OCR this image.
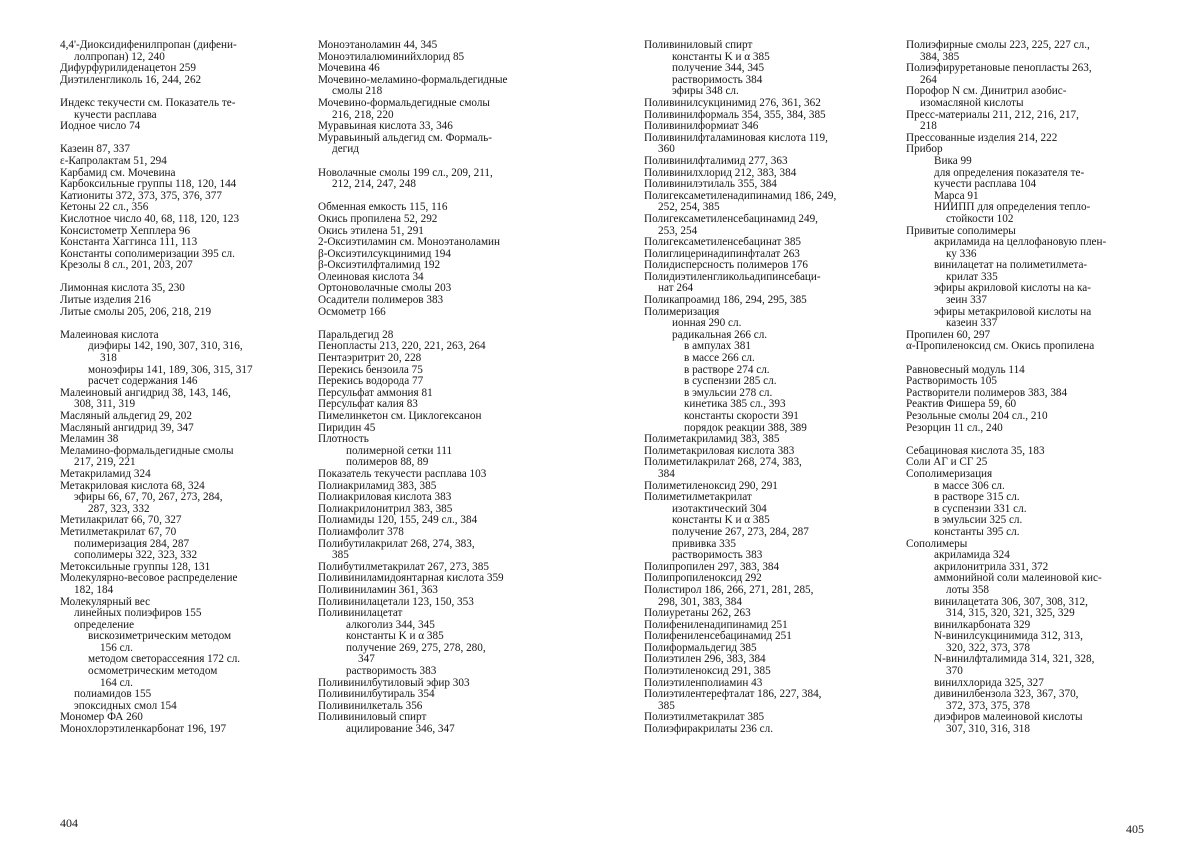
4,4'-Диоксидифенилпропан (дифени-

лолпропан) 12, 240

Дифурфурилиденацетон 259

Диэтиленгликоль 16, 244, 262

Индекс текучести см. Показатель те-

кучести расплава

Иодное число 74

Казеин 87, 337

ε-Капролактам 51, 294

Карбамид см. Мочевина

Карбоксильные группы 118, 120, 144

Катиониты 372, 373, 375, 376, 377

Кетоны 22 сл., 356

Кислотное число 40, 68, 118, 120, 123

Консистометр Хепплера 96

Константа Хаггинса 111, 113

Константы сополимеризации 395 сл.

Крезолы 8 сл., 201, 203, 207

Лимонная кислота 35, 230

Литые изделия 216

Литые смолы 205, 206, 218, 219

Малеиновая кислота

диэфиры 142, 190, 307, 310, 316,

318

моноэфиры 141, 189, 306, 315, 317

расчет содержания 146

Малеиновый ангидрид 38, 143, 146,

308, 311, 319

Масляный альдегид 29, 202

Масляный ангидрид 39, 347

Меламин 38

Меламино-формальдегидные смолы

217, 219, 221

Метакриламид 324

Метакриловая кислота 68, 324

эфиры 66, 67, 70, 267, 273, 284,

287, 323, 332

Метилакрилат 66, 70, 327

Метилметакрилат 67, 70

полимеризация 284, 287

сополимеры 322, 323, 332

Метоксильные группы 128, 131

Молекулярно-весовое распределение

182, 184

Молекулярный вес

линейных полиэфиров 155

определение

вискозиметрическим методом

156 сл.

методом светорассеяния 172 сл.

осмометрическим методом

164 сл.

полиамидов 155

эпоксидных смол 154

Мономер ФА 260

Монохлорэтиленкарбонат 196, 197

Моноэтаноламин 44, 345

Моноэтилалюминийхлорид 85

Мочевина 46

Мочевино-меламино-формальдегидные

смолы 218

Мочевино-формальдегидные смолы

216, 218, 220

Муравьиная кислота 33, 346

Муравьиный альдегид см. Формаль-

дегид

Новолачные смолы 199 сл., 209, 211,

212, 214, 247, 248

Обменная емкость 115, 116

Окись пропилена 52, 292

Окись этилена 51, 291

2-Оксиэтиламин см. Моноэтаноламин

β-Оксиэтилсукцинимид 194

β-Оксиэтилфталимид 192

Олеиновая кислота 34

Ортоноволачные смолы 203

Осадители полимеров 383

Осмометр 166

Паральдегид 28

Пенопласты 213, 220, 221, 263, 264

Пентаэритрит 20, 228

Перекись бензоила 75

Перекись водорода 77

Персульфат аммония 81

Персульфат калия 83

Пимелинкетон см. Циклогексанон

Пиридин 45

Плотность

полимерной сетки 111

полимеров 88, 89

Показатель текучести расплава 103

Полиакриламид 383, 385

Полиакриловая кислота 383

Полиакрилонитрил 383, 385

Полиамиды 120, 155, 249 сл., 384

Полиамфолит 378

Полибутилакрилат 268, 274, 383,

385

Полибутилметакрилат 267, 273, 385

Поливиниламидоянтарная кислота 359

Поливиниламин 361, 363

Поливинилацетали 123, 150, 353

Поливинилацетат

алкоголиз 344, 345

константы K и α 385

получение 269, 275, 278, 280,

347

растворимость 383

Поливинилбутиловый эфир 303

Поливинилбутираль 354

Поливинилкеталь 356

Поливиниловый спирт

ацилирование 346, 347

Поливиниловый спирт

константы K и α 385

получение 344, 345

растворимость 384

эфиры 348 сл.

Поливинилсукцинимид 276, 361, 362

Поливинилформаль 354, 355, 384, 385

Поливинилформиат 346

Поливинилфталаминовая кислота 119,

360

Поливинилфталимид 277, 363

Поливинилхлорид 212, 383, 384

Поливинилэтилаль 355, 384

Полигексаметиленадипинамид 186, 249,

252, 254, 385

Полигексаметиленсебацинамид 249,

253, 254

Полигексаметиленсебацинат 385

Полиглицеринадипинфталат 263

Полидисперсность полимеров 176

Полидиэтиленгликольадипинсебаци-

нат 264

Поликапроамид 186, 294, 295, 385

Полимеризация

ионная 290 сл.

радикальная 266 сл.

в ампулах 381

в массе 266 сл.

в растворе 274 сл.

в суспензии 285 сл.

в эмульсии 278 сл.

кинетика 385 сл., 393

константы скорости 391

порядок реакции 388, 389

Полиметакриламид 383, 385

Полиметакриловая кислота 383

Полиметилакрилат 268, 274, 383,

384

Полиметиленоксид 290, 291

Полиметилметакрилат

изотактический 304

константы K и α 385

получение 267, 273, 284, 287

прививка 335

растворимость 383

Полипропилен 297, 383, 384

Полипропиленоксид 292

Полистирол 186, 266, 271, 281, 285,

298, 301, 383, 384

Полиуретаны 262, 263

Полифениленадипинамид 251

Полифениленсебацинамид 251

Полиформальдегид 385

Полиэтилен 296, 383, 384

Полиэтиленоксид 291, 385

Полиэтиленполиамин 43

Полиэтилентерефталат 186, 227, 384,

385

Полиэтилметакрилат 385

Полиэфиракрилаты 236 сл.

Полиэфирные смолы 223, 225, 227 сл.,

384, 385

Полиэфируретановые пенопласты 263,

264

Порофор N см. Динитрил азобис-

изомасляной кислоты

Пресс-материалы 211, 212, 216, 217,

218

Прессованные изделия 214, 222

Прибор

Вика 99

для определения показателя те-

кучести расплава 104

Марса 91

НИИПП для определения тепло-

стойкости 102

Привитые сополимеры

акриламида на целлофановую плен-

ку 336

винилацетат на полиметилмета-

крилат 335

эфиры акриловой кислоты на ка-

зеин 337

эфиры метакриловой кислоты на

казеин 337

Пропилен 60, 297

α-Пропиленоксид см. Окись пропилена

Равновесный модуль 114

Растворимость 105

Растворители полимеров 383, 384

Реактив Фишера 59, 60

Резольные смолы 204 сл., 210

Резорцин 11 сл., 240

Себациновая кислота 35, 183

Соли АГ и СГ 25

Сополимеризация

в массе 306 сл.

в растворе 315 сл.

в суспензии 331 сл.

в эмульсии 325 сл.

константы 395 сл.

Сополимеры

акриламида 324

акрилонитрила 331, 372

аммонийной соли малеиновой кис-

лоты 358

винилацетата 306, 307, 308, 312,

314, 315, 320, 321, 325, 329

винилкарбоната 329

N-винилсукцинимида 312, 313,

320, 322, 373, 378

N-винилфталимида 314, 321, 328,

370

винилхлорида 325, 327

дивинилбензола 323, 367, 370,

372, 373, 375, 378

диэфиров малеиновой кислоты

307, 310, 316, 318

404	405
